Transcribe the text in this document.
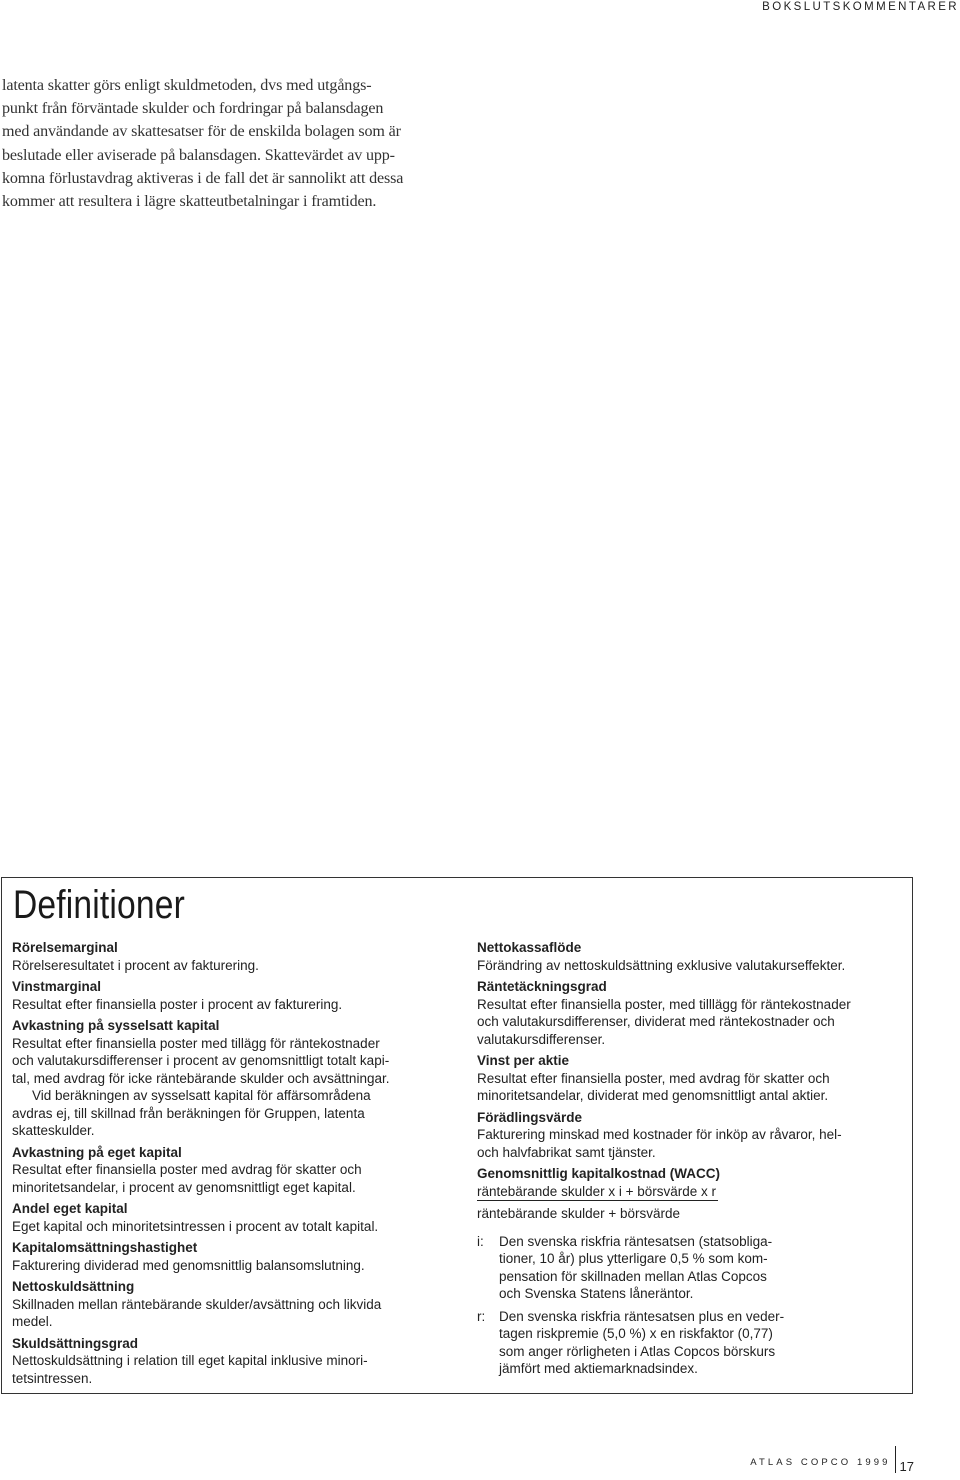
BOKSLUTSKOMMENTARER
latenta skatter görs enligt skuldmetoden, dvs med utgångs-
punkt från förväntade skulder och fordringar på balansdagen
med användande av skattesatser för de enskilda bolagen som är
beslutade eller aviserade på balansdagen. Skattevärdet av upp-
komna förlustavdrag aktiveras i de fall det är sannolikt att dessa
kommer att resultera i lägre skatteutbetalningar i framtiden.
Definitioner
Rörelsemarginal
Rörelseresultatet i procent av fakturering.
Vinstmarginal
Resultat efter finansiella poster i procent av fakturering.
Avkastning på sysselsatt kapital
Resultat efter finansiella poster med tillägg för räntekostnader
och valutakursdifferenser i procent av genomsnittligt totalt kapi-
tal, med avdrag för icke räntebärande skulder och avsättningar.
Vid beräkningen av sysselsatt kapital för affärsområdena
avdras ej, till skillnad från beräkningen för Gruppen, latenta
skatteskulder.
Avkastning på eget kapital
Resultat efter finansiella poster med avdrag för skatter och
minoritetsandelar, i procent av genomsnittligt eget kapital.
Andel eget kapital
Eget kapital och minoritetsintressen i procent av totalt kapital.
Kapitalomsättningshastighet
Fakturering dividerad med genomsnittlig balansomslutning.
Nettoskuldsättning
Skillnaden mellan räntebärande skulder/avsättning och likvida
medel.
Skuldsättningsgrad
Nettoskuldsättning i relation till eget kapital inklusive minori-
tetsintressen.
Nettokassaflöde
Förändring av nettoskuldsättning exklusive valutakurseffekter.
Räntetäckningsgrad
Resultat efter finansiella poster, med tilllägg för räntekostnader
och valutakursdifferenser, dividerat med räntekostnader och
valutakursdifferenser.
Vinst per aktie
Resultat efter finansiella poster, med avdrag för skatter och
minoritetsandelar, dividerat med genomsnittligt antal aktier.
Förädlingsvärde
Fakturering minskad med kostnader för inköp av råvaror, hel-
och halvfabrikat samt tjänster.
Genomsnittlig kapitalkostnad (WACC)
räntebärande skulder x i + börsvärde x r
räntebärande skulder + börsvärde
i:	Den svenska riskfria räntesatsen (statsobliga-
tioner, 10 år) plus ytterligare 0,5 % som kom-
pensation för skillnaden mellan Atlas Copcos
och Svenska Statens låneräntor.
r:	Den svenska riskfria räntesatsen plus en veder-
tagen riskpremie (5,0 %) x en riskfaktor (0,77)
som anger rörligheten i Atlas Copcos börskurs
jämfört med aktiemarknadsindex.
ATLAS COPCO 1999 17
